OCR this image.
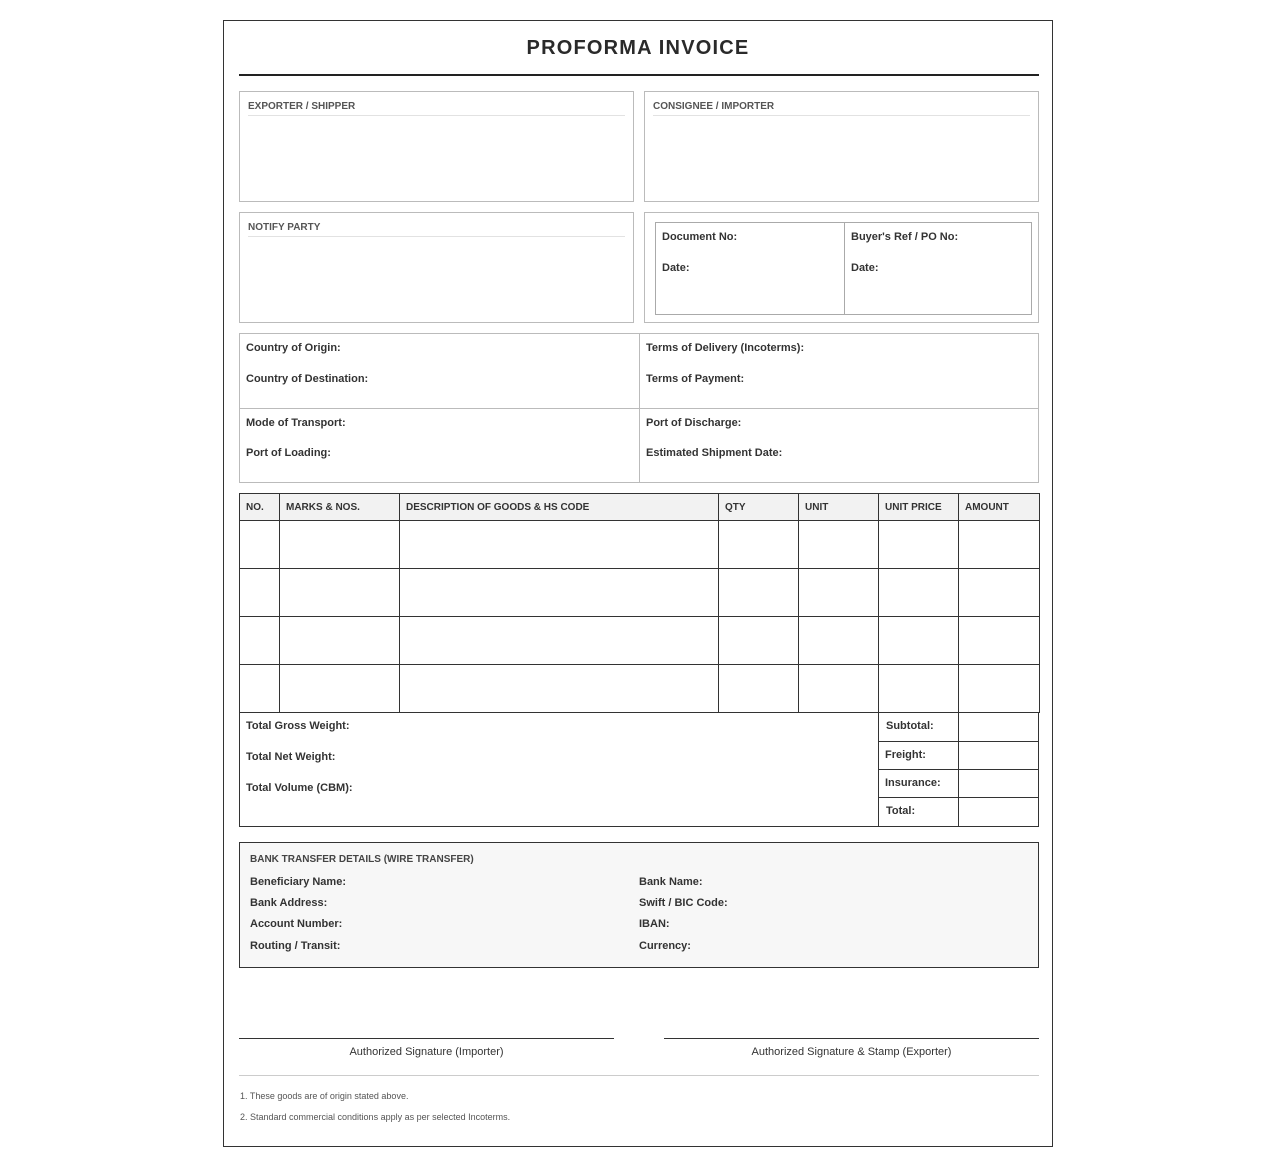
PROFORMA INVOICE
EXPORTER / SHIPPER	CONSIGNEE / IMPORTER
NOTIFY PARTY
Document No:
Date:
Buyer's Ref / PO No:
Date:
Country of Origin:
Country of Destination:
Terms of Delivery (Incoterms):
Terms of Payment:
Mode of Transport:
Port of Loading:
Port of Discharge:
Estimated Shipment Date:
NO.	MARKS & NOS.	DESCRIPTION OF GOODS & HS CODE	QTY	UNIT	UNIT PRICE	AMOUNT

Total Gross Weight:
Total Net Weight:
Total Volume (CBM):
Subtotal:
Freight:
Insurance:
Total:
BANK TRANSFER DETAILS (WIRE TRANSFER)
Beneficiary Name:
Bank Address:
Account Number:
Routing / Transit:
Bank Name:
Swift / BIC Code:
IBAN:
Currency:
Authorized Signature (Importer)	Authorized Signature & Stamp (Exporter)
1. These goods are of origin stated above.
2. Standard commercial conditions apply as per selected Incoterms.
